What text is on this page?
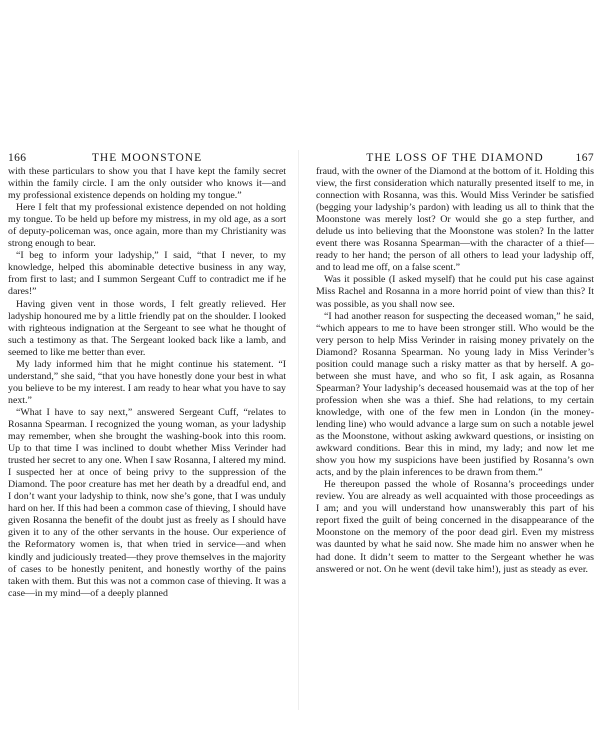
166	THE MOONSTONE

with these particulars to show you that I have kept the family secret within the family circle. I am the only outsider who knows it—and my professional existence depends on holding my tongue.”

Here I felt that my professional existence depended on not holding my tongue. To be held up before my mistress, in my old age, as a sort of deputy-policeman was, once again, more than my Christianity was strong enough to bear.

“I beg to inform your ladyship,” I said, “that I never, to my knowledge, helped this abominable detective business in any way, from first to last; and I summon Sergeant Cuff to contradict me if he dares!”

Having given vent in those words, I felt greatly relieved. Her ladyship honoured me by a little friendly pat on the shoulder. I looked with righteous indignation at the Sergeant to see what he thought of such a testimony as that. The Sergeant looked back like a lamb, and seemed to like me better than ever.

My lady informed him that he might continue his statement. “I understand,” she said, “that you have honestly done your best in what you believe to be my interest. I am ready to hear what you have to say next.”

“What I have to say next,” answered Sergeant Cuff, “relates to Rosanna Spearman. I recognized the young woman, as your ladyship may remember, when she brought the washing-book into this room. Up to that time I was inclined to doubt whether Miss Verinder had trusted her secret to any one. When I saw Rosanna, I altered my mind. I suspected her at once of being privy to the suppression of the Diamond. The poor creature has met her death by a dreadful end, and I don’t want your ladyship to think, now she’s gone, that I was unduly hard on her. If this had been a common case of thieving, I should have given Rosanna the benefit of the doubt just as freely as I should have given it to any of the other servants in the house. Our experience of the Reformatory women is, that when tried in service—and when kindly and judiciously treated—they prove themselves in the majority of cases to be honestly penitent, and honestly worthy of the pains taken with them. But this was not a common case of thieving. It was a case—in my mind—of a deeply planned

THE LOSS OF THE DIAMOND	167

fraud, with the owner of the Diamond at the bottom of it. Holding this view, the first consideration which naturally presented itself to me, in connection with Rosanna, was this. Would Miss Verinder be satisfied (begging your ladyship’s pardon) with leading us all to think that the Moonstone was merely lost? Or would she go a step further, and delude us into believing that the Moonstone was stolen? In the latter event there was Rosanna Spearman—with the character of a thief—ready to her hand; the person of all others to lead your ladyship off, and to lead me off, on a false scent.”

Was it possible (I asked myself) that he could put his case against Miss Rachel and Rosanna in a more horrid point of view than this? It was possible, as you shall now see.

“I had another reason for suspecting the deceased woman,” he said, “which appears to me to have been stronger still. Who would be the very person to help Miss Verinder in raising money privately on the Diamond? Rosanna Spearman. No young lady in Miss Verinder’s position could manage such a risky matter as that by herself. A go-between she must have, and who so fit, I ask again, as Rosanna Spearman? Your ladyship’s deceased housemaid was at the top of her profession when she was a thief. She had relations, to my certain knowledge, with one of the few men in London (in the money-lending line) who would advance a large sum on such a notable jewel as the Moonstone, without asking awkward questions, or insisting on awkward conditions. Bear this in mind, my lady; and now let me show you how my suspicions have been justified by Rosanna’s own acts, and by the plain inferences to be drawn from them.”

He thereupon passed the whole of Rosanna’s proceedings under review. You are already as well acquainted with those proceedings as I am; and you will understand how unanswerably this part of his report fixed the guilt of being concerned in the disappearance of the Moonstone on the memory of the poor dead girl. Even my mistress was daunted by what he said now. She made him no answer when he had done. It didn’t seem to matter to the Sergeant whether he was answered or not. On he went (devil take him!), just as steady as ever.
